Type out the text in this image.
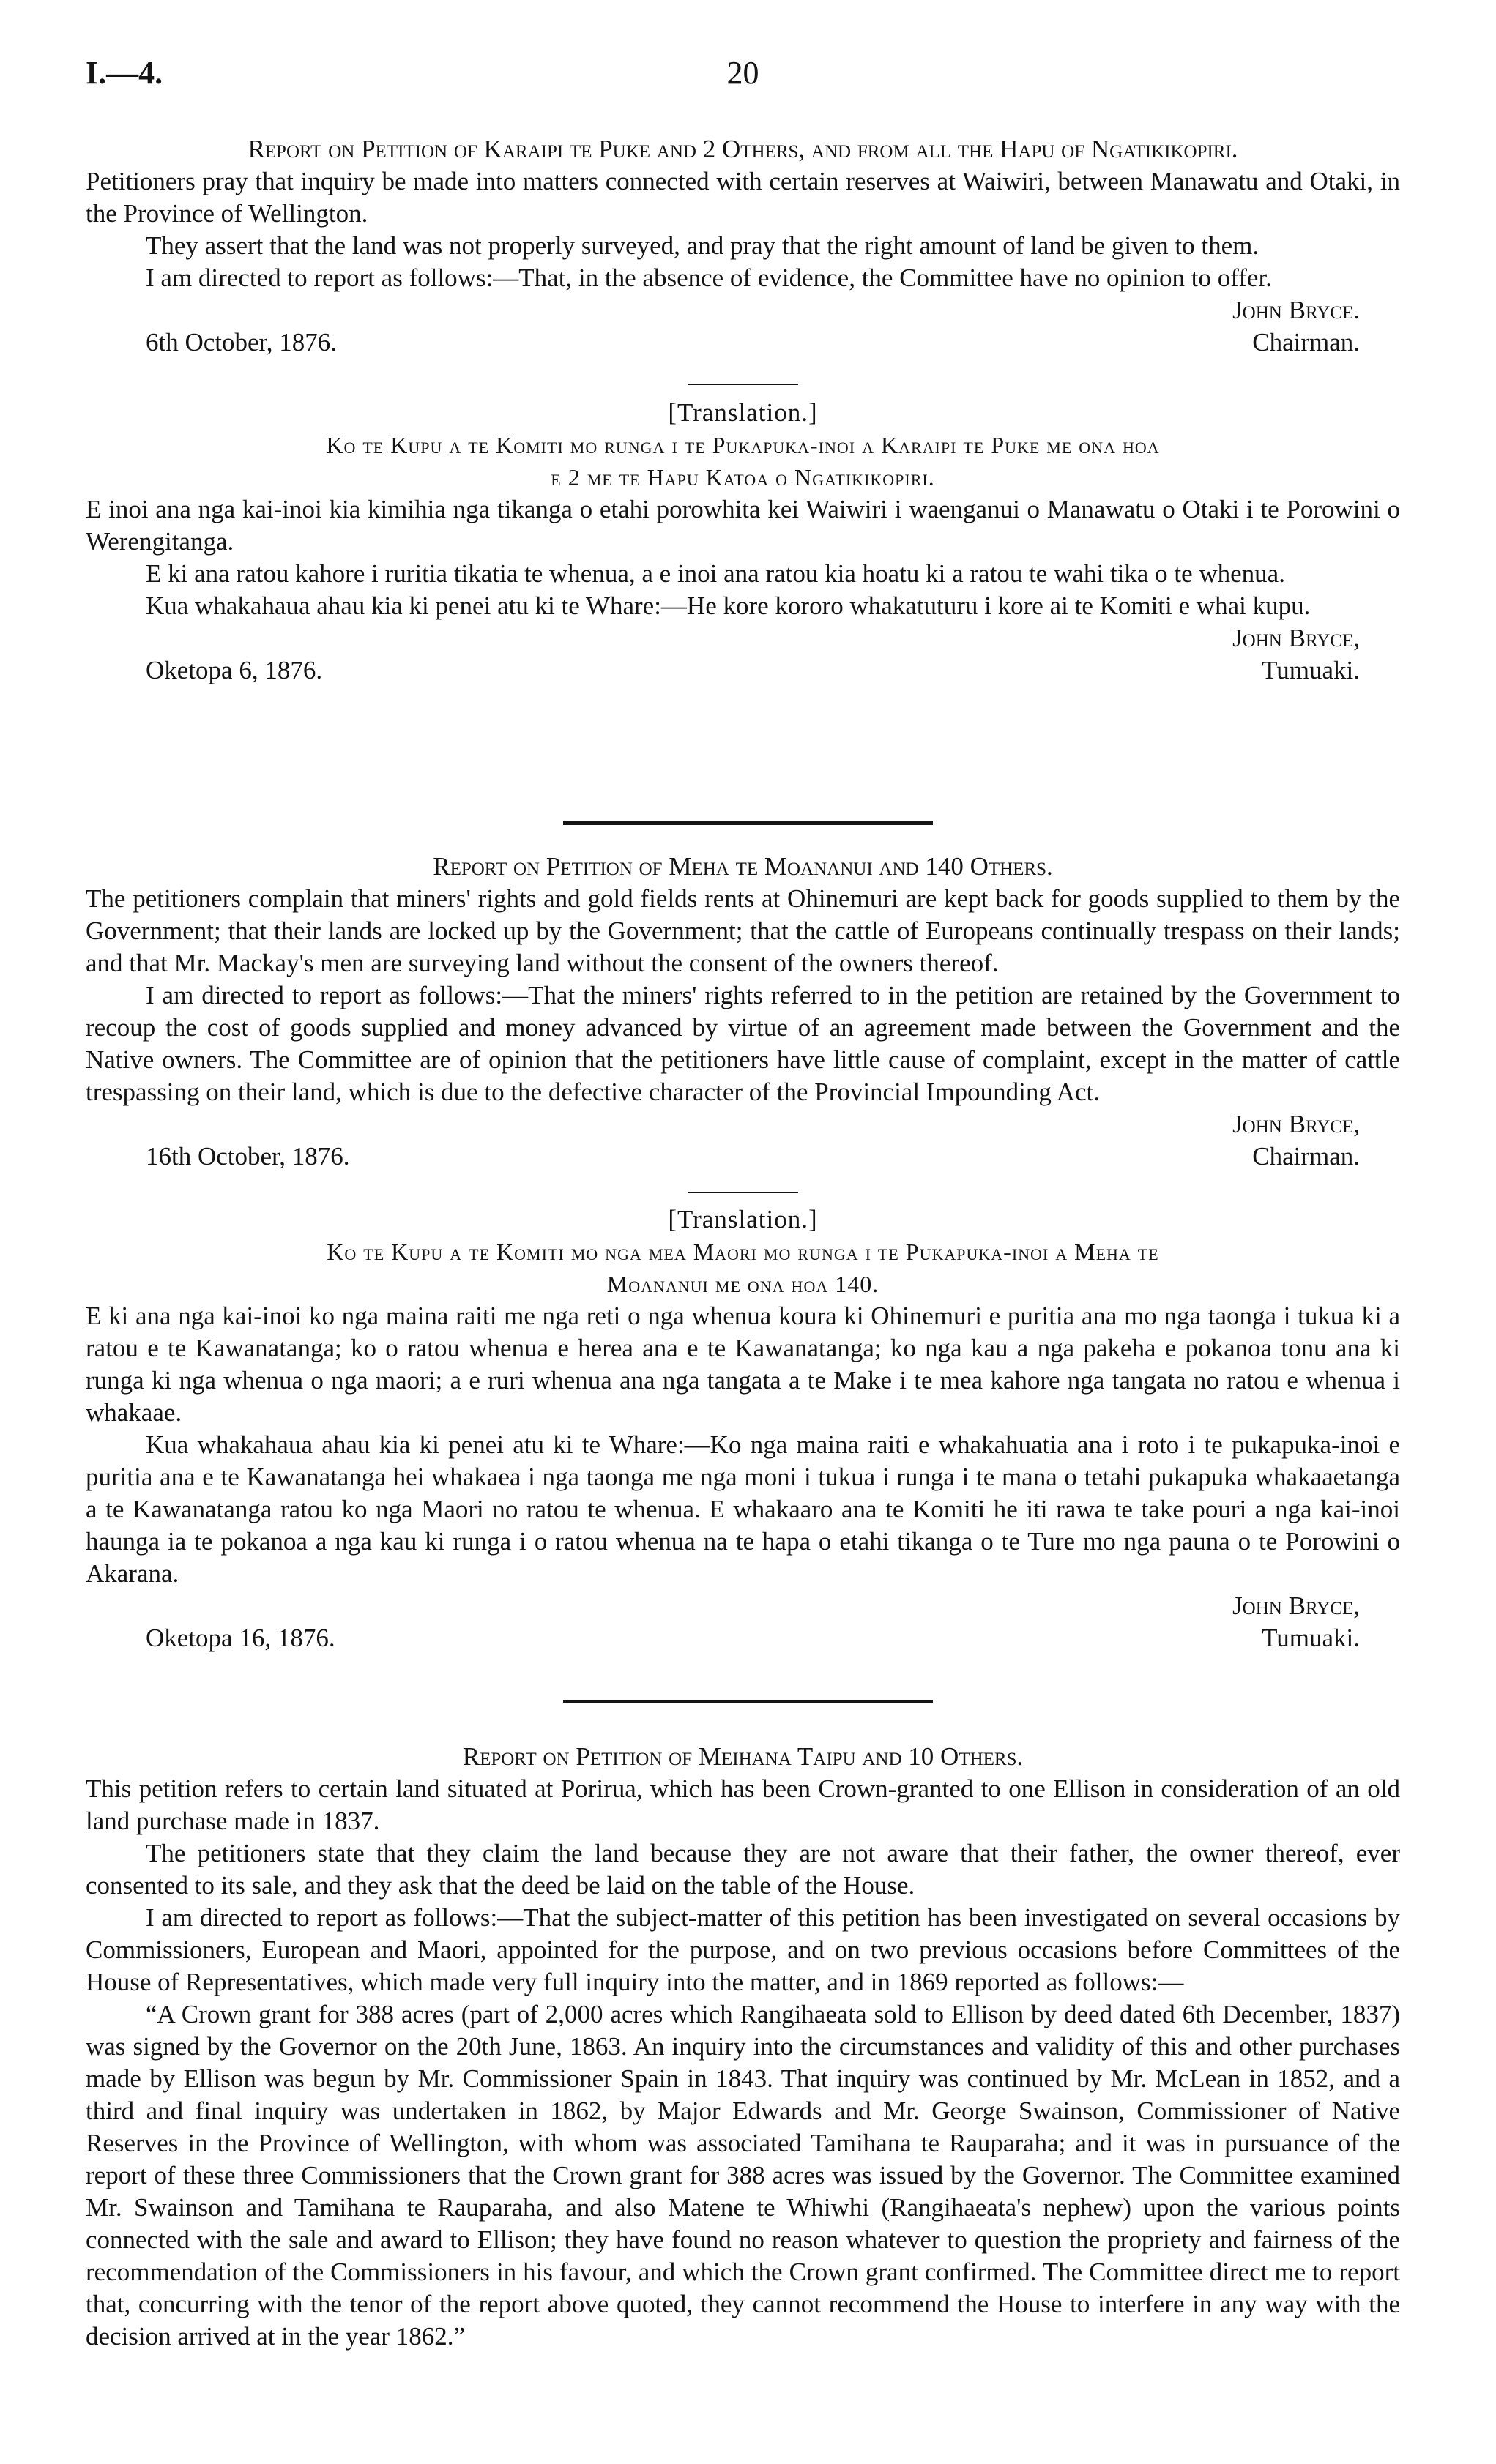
I.—4.	20
Report on Petition of Karaipi te Puke and 2 Others, and from all the Hapu of Ngatikikopiri.

Petitioners pray that inquiry be made into matters connected with certain reserves at Waiwiri, between Manawatu and Otaki, in the Province of Wellington.

They assert that the land was not properly surveyed, and pray that the right amount of land be given to them.

I am directed to report as follows:—That, in the absence of evidence, the Committee have no opinion to offer.

John Bryce.
6th October, 1876.	Chairman.
[Translation.]
Ko te Kupu a te Komiti mo runga i te Pukapuka-inoi a Karaipi te Puke me ona hoa
e 2 me te Hapu Katoa o Ngatikikopiri.

E inoi ana nga kai-inoi kia kimihia nga tikanga o etahi porowhita kei Waiwiri i waenganui o Manawatu o Otaki i te Porowini o Werengitanga.

E ki ana ratou kahore i ruritia tikatia te whenua, a e inoi ana ratou kia hoatu ki a ratou te wahi tika o te whenua.

Kua whakahaua ahau kia ki penei atu ki te Whare:—He kore kororo whakatuturu i kore ai te Komiti e whai kupu.

John Bryce,
Oketopa 6, 1876.	Tumuaki.
Report on Petition of Meha te Moananui and 140 Others.

The petitioners complain that miners' rights and gold fields rents at Ohinemuri are kept back for goods supplied to them by the Government; that their lands are locked up by the Government; that the cattle of Europeans continually trespass on their lands; and that Mr. Mackay's men are surveying land without the consent of the owners thereof.

I am directed to report as follows:—That the miners' rights referred to in the petition are retained by the Government to recoup the cost of goods supplied and money advanced by virtue of an agreement made between the Government and the Native owners. The Committee are of opinion that the petitioners have little cause of complaint, except in the matter of cattle trespassing on their land, which is due to the defective character of the Provincial Impounding Act.

John Bryce,
16th October, 1876.	Chairman.
[Translation.]
Ko te Kupu a te Komiti mo nga mea Maori mo runga i te Pukapuka-inoi a Meha te
Moananui me ona hoa 140.

E ki ana nga kai-inoi ko nga maina raiti me nga reti o nga whenua koura ki Ohinemuri e puritia ana mo nga taonga i tukua ki a ratou e te Kawanatanga; ko o ratou whenua e herea ana e te Kawanatanga; ko nga kau a nga pakeha e pokanoa tonu ana ki runga ki nga whenua o nga maori; a e ruri whenua ana nga tangata a te Make i te mea kahore nga tangata no ratou e whenua i whakaae.

Kua whakahaua ahau kia ki penei atu ki te Whare:—Ko nga maina raiti e whakahuatia ana i roto i te pukapuka-inoi e puritia ana e te Kawanatanga hei whakaea i nga taonga me nga moni i tukua i runga i te mana o tetahi pukapuka whakaaetanga a te Kawanatanga ratou ko nga Maori no ratou te whenua. E whakaaro ana te Komiti he iti rawa te take pouri a nga kai-inoi haunga ia te pokanoa a nga kau ki runga i o ratou whenua na te hapa o etahi tikanga o te Ture mo nga pauna o te Porowini o Akarana.

John Bryce,
Oketopa 16, 1876.	Tumuaki.
Report on Petition of Meihana Taipu and 10 Others.

This petition refers to certain land situated at Porirua, which has been Crown-granted to one Ellison in consideration of an old land purchase made in 1837.

The petitioners state that they claim the land because they are not aware that their father, the owner thereof, ever consented to its sale, and they ask that the deed be laid on the table of the House.

I am directed to report as follows:—That the subject-matter of this petition has been investigated on several occasions by Commissioners, European and Maori, appointed for the purpose, and on two previous occasions before Committees of the House of Representatives, which made very full inquiry into the matter, and in 1869 reported as follows:—

“A Crown grant for 388 acres (part of 2,000 acres which Rangihaeata sold to Ellison by deed dated 6th December, 1837) was signed by the Governor on the 20th June, 1863. An inquiry into the circumstances and validity of this and other purchases made by Ellison was begun by Mr. Commissioner Spain in 1843. That inquiry was continued by Mr. McLean in 1852, and a third and final inquiry was undertaken in 1862, by Major Edwards and Mr. George Swainson, Commissioner of Native Reserves in the Province of Wellington, with whom was associated Tamihana te Rauparaha; and it was in pursuance of the report of these three Commissioners that the Crown grant for 388 acres was issued by the Governor. The Committee examined Mr. Swainson and Tamihana te Rauparaha, and also Matene te Whiwhi (Rangihaeata's nephew) upon the various points connected with the sale and award to Ellison; they have found no reason whatever to question the propriety and fairness of the recommendation of the Commissioners in his favour, and which the Crown grant confirmed. The Committee direct me to report that, concurring with the tenor of the report above quoted, they cannot recommend the House to interfere in any way with the decision arrived at in the year 1862.”
